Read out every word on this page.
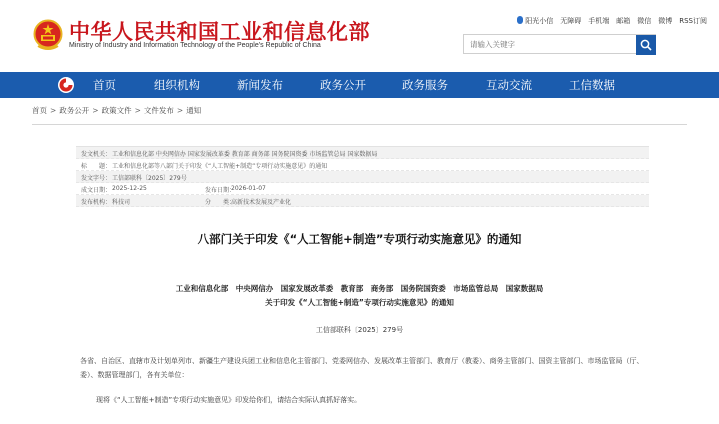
中华人民共和国工业和信息化部
Ministry of Industry and Information Technology of the People's Republic of China
阳光小信 无障碍 手机端 邮箱 微信 微博 RSS订阅
请输入关键字
首页	组织机构	新闻发布	政务公开	政务服务	互动交流	工信数据
首页 > 政务公开 > 政策文件 > 文件发布 > 通知
发文机关： 工业和信息化部 中央网信办 国家发展改革委 教育部 商务部 国务院国资委 市场监管总局 国家数据局
标　　题： 工业和信息化部等八部门关于印发《“人工智能+制造”专项行动实施意见》的通知
发文字号： 工信部联科〔2025〕279号
成文日期： 2025-12-25	发布日期：
2026-01-07
发布机构： 科技司	分　　类：
高新技术发展及产业化
八部门关于印发《“人工智能+制造”专项行动实施意见》的通知
工业和信息化部　中央网信办　国家发展改革委　教育部　商务部　国务院国资委　市场监管总局　国家数据局
关于印发《“人工智能+制造”专项行动实施意见》的通知
工信部联科〔2025〕279号
各省、自治区、直辖市及计划单列市、新疆生产建设兵团工业和信息化主管部门、党委网信办、发展改革主管部门、教育厅（教委）、商务主管部门、国资主管部门、市场监管局（厅、委）、数据管理部门，各有关单位：
现将《“人工智能+制造”专项行动实施意见》印发给你们，请结合实际认真抓好落实。
